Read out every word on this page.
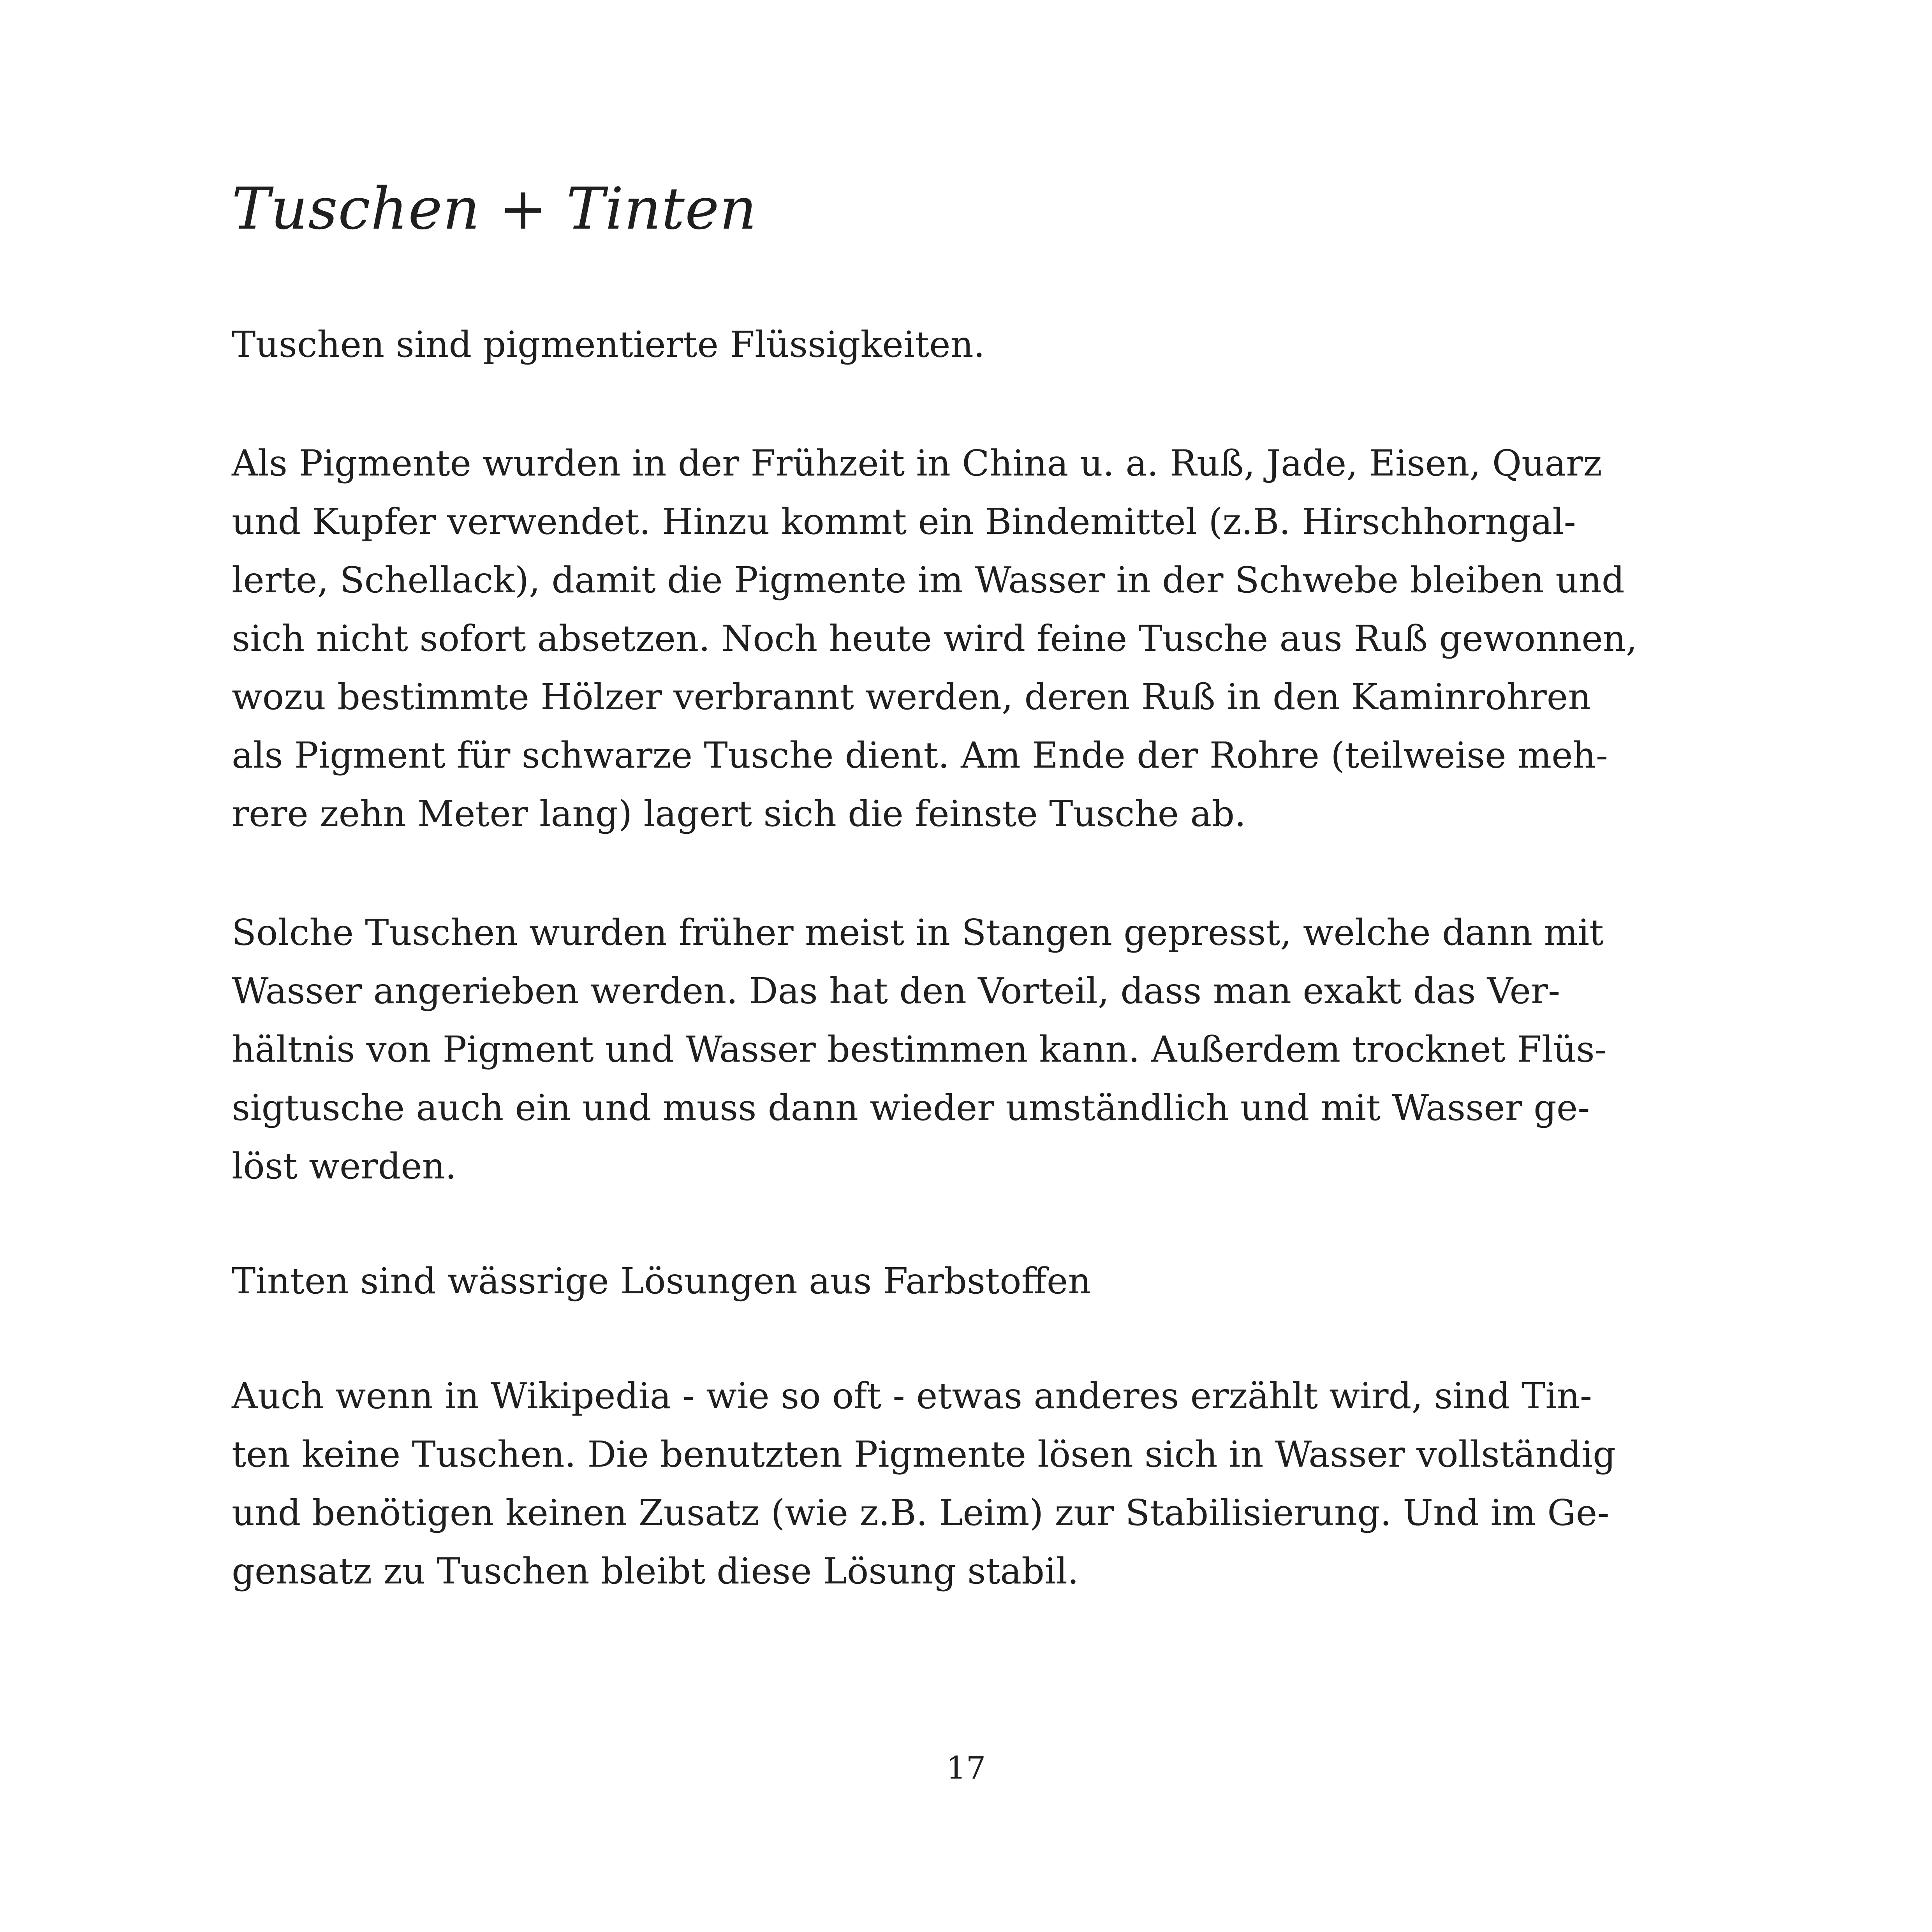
Tuschen + Tinten

Tuschen sind pigmentierte Flüssigkeiten.

Als Pigmente wurden in der Frühzeit in China u. a. Ruß, Jade, Eisen, Quarz
und Kupfer verwendet. Hinzu kommt ein Bindemittel (z.B. Hirschhorngal-
lerte, Schellack), damit die Pigmente im Wasser in der Schwebe bleiben und
sich nicht sofort absetzen. Noch heute wird feine Tusche aus Ruß gewonnen,
wozu bestimmte Hölzer verbrannt werden, deren Ruß in den Kaminrohren
als Pigment für schwarze Tusche dient. Am Ende der Rohre (teilweise meh-
rere zehn Meter lang) lagert sich die feinste Tusche ab.

Solche Tuschen wurden früher meist in Stangen gepresst, welche dann mit
Wasser angerieben werden. Das hat den Vorteil, dass man exakt das Ver-
hältnis von Pigment und Wasser bestimmen kann. Außerdem trocknet Flüs-
sigtusche auch ein und muss dann wieder umständlich und mit Wasser ge-
löst werden.

Tinten sind wässrige Lösungen aus Farbstoffen

Auch wenn in Wikipedia - wie so oft - etwas anderes erzählt wird, sind Tin-
ten keine Tuschen. Die benutzten Pigmente lösen sich in Wasser vollständig
und benötigen keinen Zusatz (wie z.B. Leim) zur Stabilisierung. Und im Ge-
gensatz zu Tuschen bleibt diese Lösung stabil.

17
